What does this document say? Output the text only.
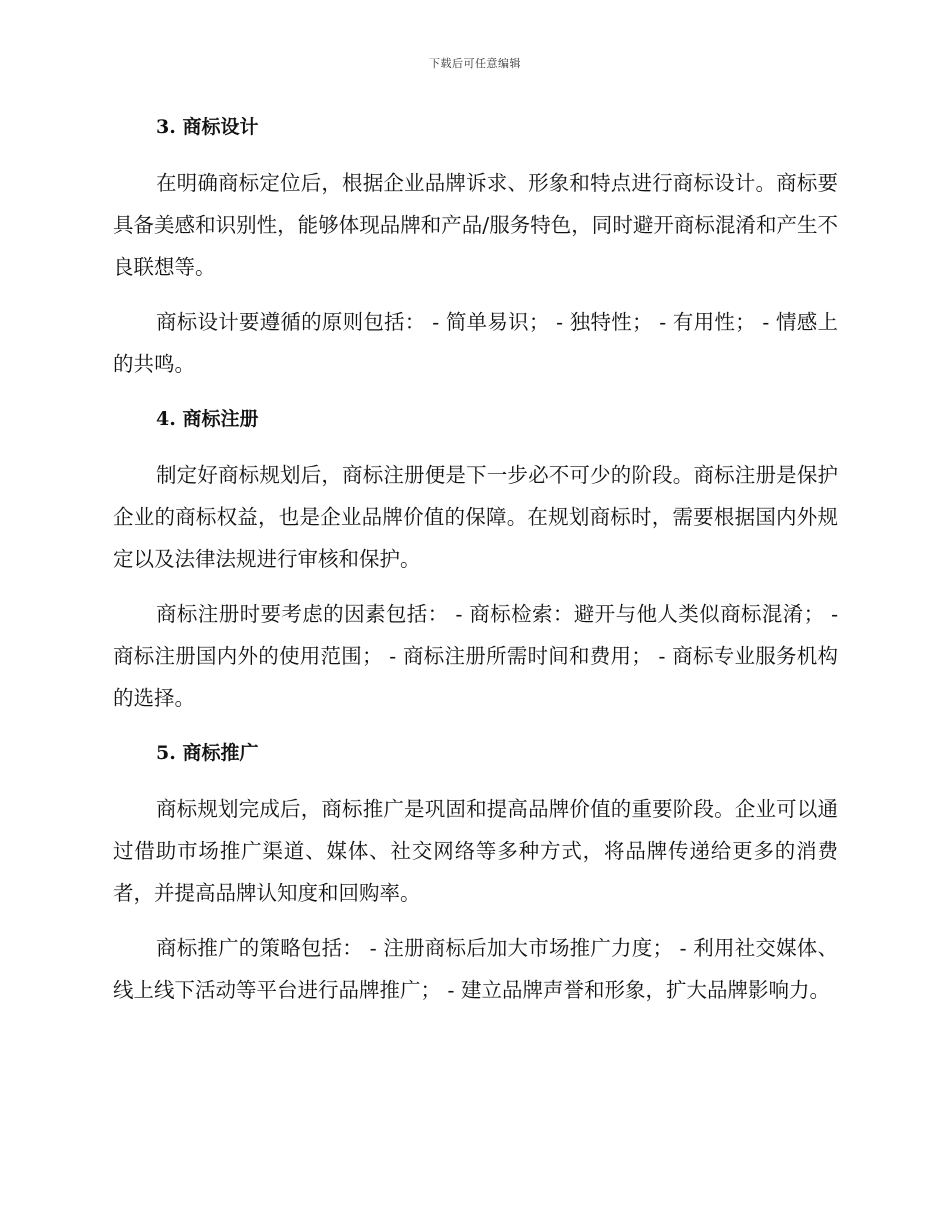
下载后可任意编辑
3. 商标设计

在明确商标定位后，根据企业品牌诉求、形象和特点进行商标设计。商标要具备美感和识别性，能够体现品牌和产品/服务特色，同时避开商标混淆和产生不良联想等。

商标设计要遵循的原则包括： - 简单易识； - 独特性； - 有用性； - 情感上的共鸣。

4. 商标注册

制定好商标规划后，商标注册便是下一步必不可少的阶段。商标注册是保护企业的商标权益，也是企业品牌价值的保障。在规划商标时，需要根据国内外规定以及法律法规进行审核和保护。

商标注册时要考虑的因素包括： - 商标检索：避开与他人类似商标混淆； - 商标注册国内外的使用范围； - 商标注册所需时间和费用； - 商标专业服务机构的选择。

5. 商标推广

商标规划完成后，商标推广是巩固和提高品牌价值的重要阶段。企业可以通过借助市场推广渠道、媒体、社交网络等多种方式，将品牌传递给更多的消费者，并提高品牌认知度和回购率。

商标推广的策略包括： - 注册商标后加大市场推广力度； - 利用社交媒体、线上线下活动等平台进行品牌推广； - 建立品牌声誉和形象，扩大品牌影响力。
